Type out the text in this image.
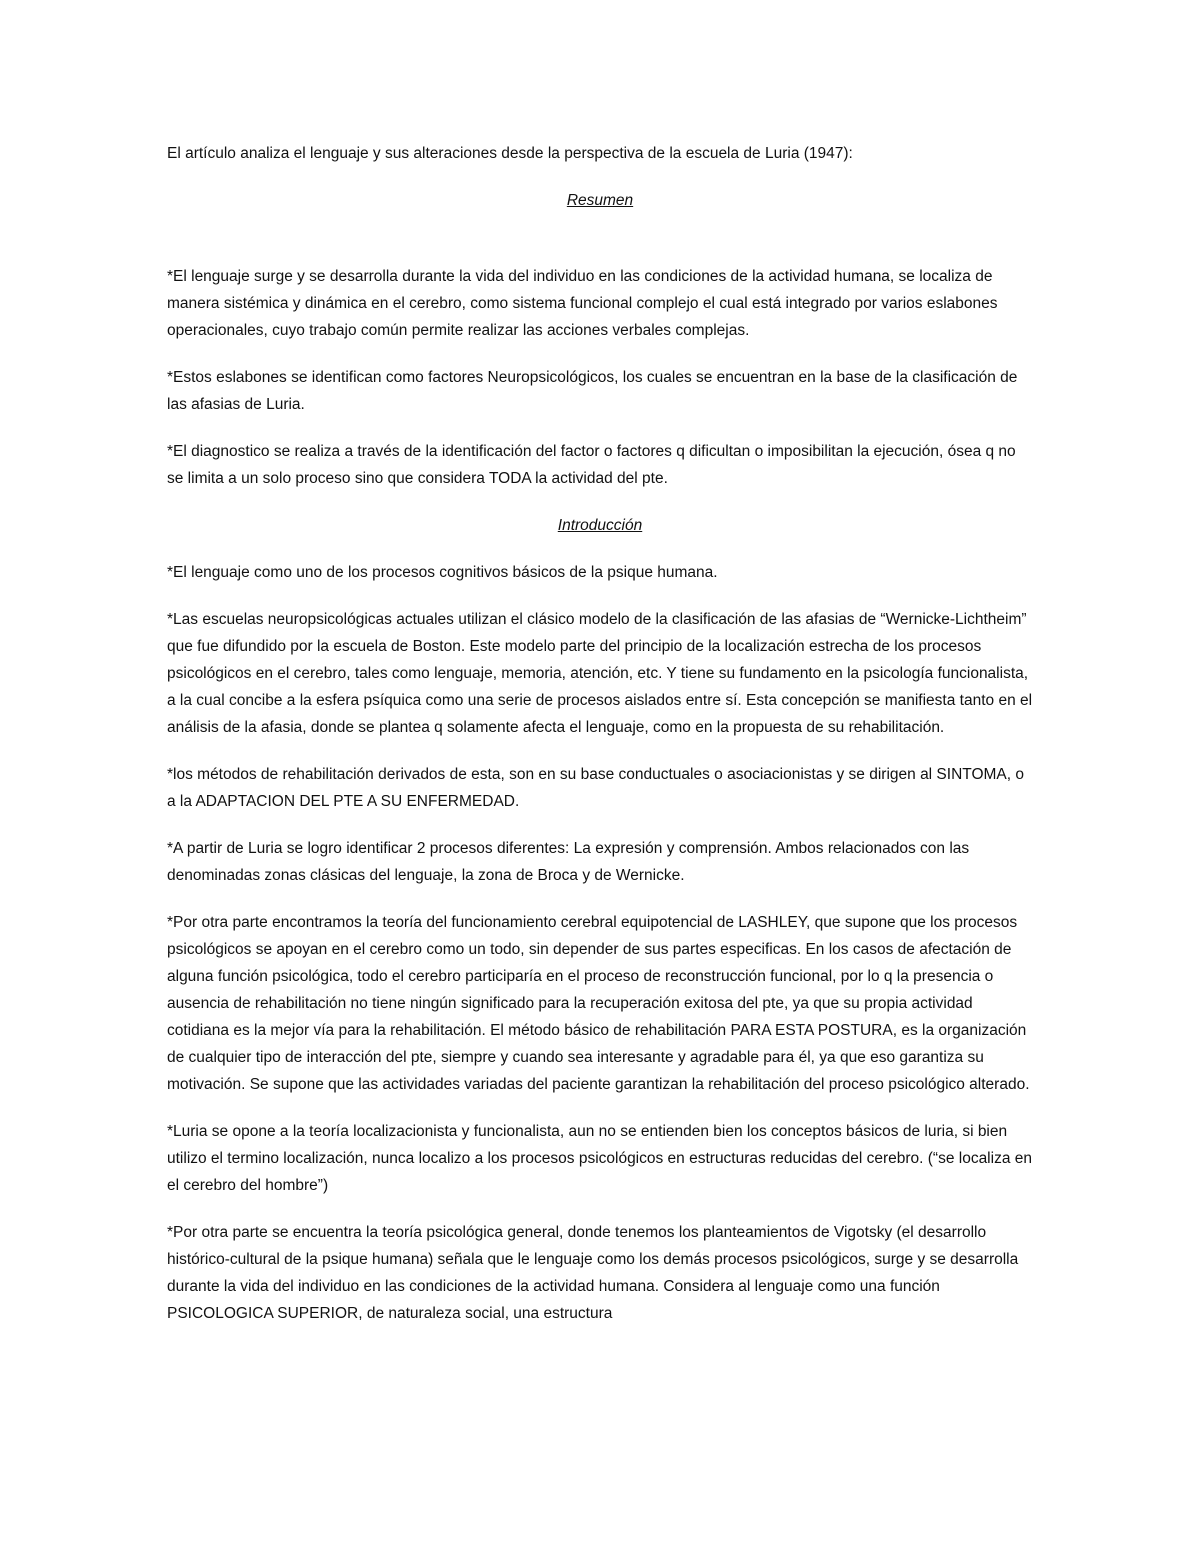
El artículo analiza el lenguaje y sus alteraciones desde la perspectiva de la escuela de Luria (1947):

Resumen

*El lenguaje surge y se desarrolla durante la vida del individuo en las condiciones de la actividad humana, se localiza de manera sistémica y dinámica en el cerebro, como sistema funcional complejo el cual está integrado por varios eslabones operacionales, cuyo trabajo común permite realizar las acciones verbales complejas.

*Estos eslabones se identifican como factores Neuropsicológicos, los cuales se encuentran en la base de la clasificación de las afasias de Luria.

*El diagnostico se realiza a través de la identificación del factor o factores q dificultan o imposibilitan la ejecución, ósea q no se limita a un solo proceso sino que considera TODA la actividad del pte.

Introducción

*El lenguaje como uno de los procesos cognitivos básicos de la psique humana.

*Las escuelas neuropsicológicas actuales utilizan el clásico modelo de la clasificación de las afasias de “Wernicke-Lichtheim” que fue difundido por la escuela de Boston. Este modelo parte del principio de la localización estrecha de los procesos psicológicos en el cerebro, tales como lenguaje, memoria, atención, etc. Y tiene su fundamento en la psicología funcionalista, a la cual concibe a la esfera psíquica como una serie de procesos aislados entre sí. Esta concepción se manifiesta tanto en el análisis de la afasia, donde se plantea q solamente afecta el lenguaje, como en la propuesta de su rehabilitación.

*los métodos de rehabilitación derivados de esta, son en su base conductuales o asociacionistas y se dirigen al SINTOMA, o a la ADAPTACION DEL PTE A SU ENFERMEDAD.

*A partir de Luria se logro identificar 2 procesos diferentes: La expresión y comprensión. Ambos relacionados con las denominadas zonas clásicas del lenguaje, la zona de Broca y de Wernicke.

*Por otra parte encontramos la teoría del funcionamiento cerebral equipotencial de LASHLEY, que supone que los procesos psicológicos se apoyan en el cerebro como un todo, sin depender de sus partes especificas. En los casos de afectación de alguna función psicológica, todo el cerebro participaría en el proceso de reconstrucción funcional, por lo q la presencia o ausencia de rehabilitación no tiene ningún significado para la recuperación exitosa del pte, ya que su propia actividad cotidiana es la mejor vía para la rehabilitación. El método básico de rehabilitación PARA ESTA POSTURA, es la organización de cualquier tipo de interacción del pte, siempre y cuando sea interesante y agradable para él, ya que eso garantiza su motivación. Se supone que las actividades variadas del paciente garantizan la rehabilitación del proceso psicológico alterado.

*Luria se opone a la teoría localizacionista y funcionalista, aun no se entienden bien los conceptos básicos de luria, si bien utilizo el termino localización, nunca localizo a los procesos psicológicos en estructuras reducidas del cerebro. (“se localiza en el cerebro del hombre”)

*Por otra parte se encuentra la teoría psicológica general, donde tenemos los planteamientos de Vigotsky (el desarrollo histórico-cultural de la psique humana) señala que le lenguaje como los demás procesos psicológicos, surge y se desarrolla durante la vida del individuo en las condiciones de la actividad humana. Considera al lenguaje como una función PSICOLOGICA SUPERIOR, de naturaleza social, una estructura
